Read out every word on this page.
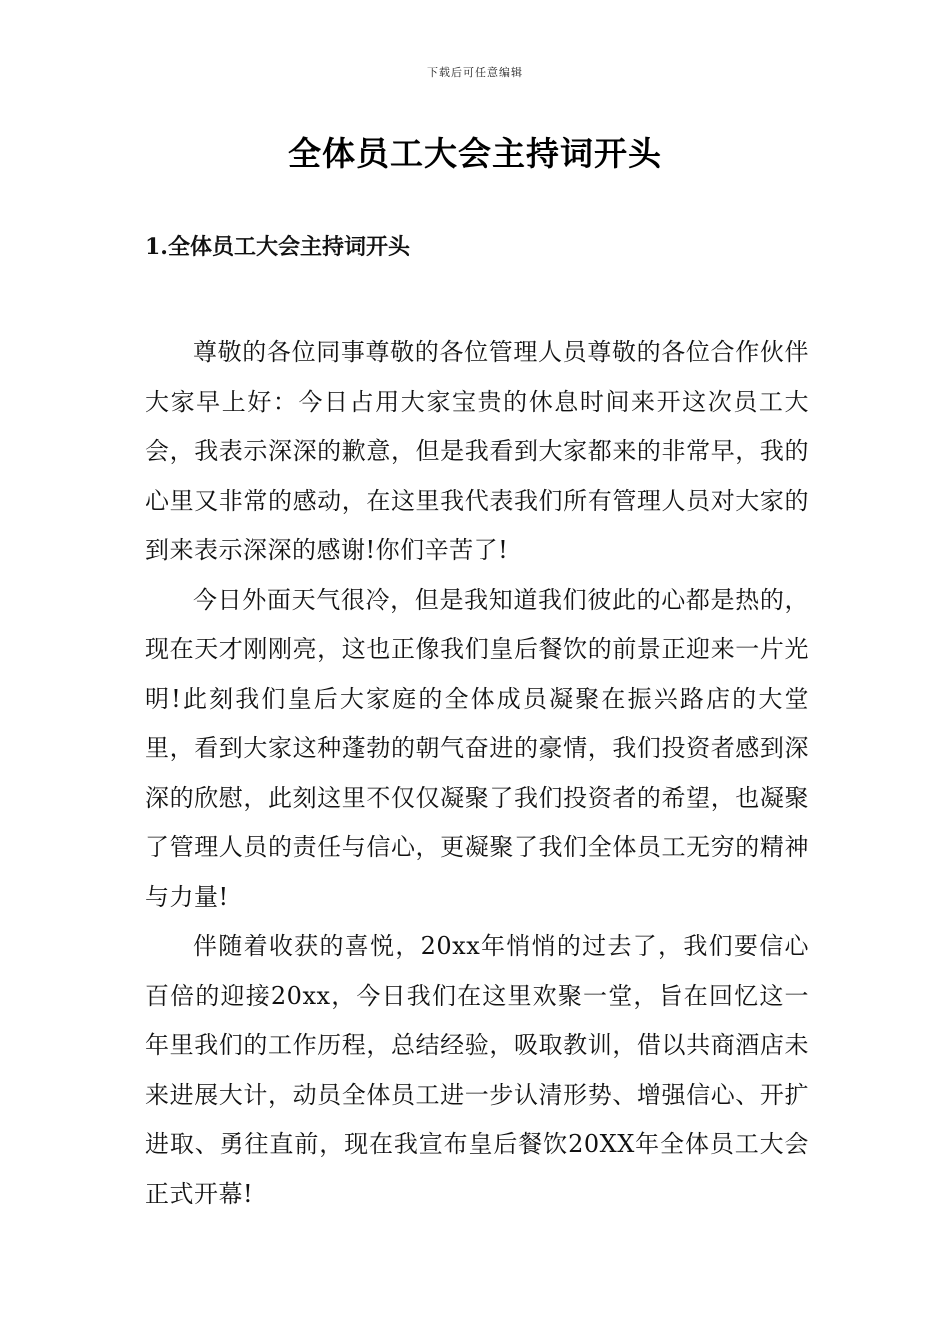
下载后可任意编辑
全体员工大会主持词开头
1.全体员工大会主持词开头

尊敬的各位同事尊敬的各位管理人员尊敬的各位合作伙伴大家早上好：今日占用大家宝贵的休息时间来开这次员工大会，我表示深深的歉意，但是我看到大家都来的非常早，我的心里又非常的感动，在这里我代表我们所有管理人员对大家的到来表示深深的感谢!你们辛苦了!

今日外面天气很冷，但是我知道我们彼此的心都是热的，现在天才刚刚亮，这也正像我们皇后餐饮的前景正迎来一片光明!此刻我们皇后大家庭的全体成员凝聚在振兴路店的大堂里，看到大家这种蓬勃的朝气奋进的豪情，我们投资者感到深深的欣慰，此刻这里不仅仅凝聚了我们投资者的希望，也凝聚了管理人员的责任与信心，更凝聚了我们全体员工无穷的精神与力量!

伴随着收获的喜悦，20xx年悄悄的过去了，我们要信心百倍的迎接20xx，今日我们在这里欢聚一堂，旨在回忆这一年里我们的工作历程，总结经验，吸取教训，借以共商酒店未来进展大计，动员全体员工进一步认清形势、增强信心、开扩进取、勇往直前，现在我宣布皇后餐饮20XX年全体员工大会正式开幕!
